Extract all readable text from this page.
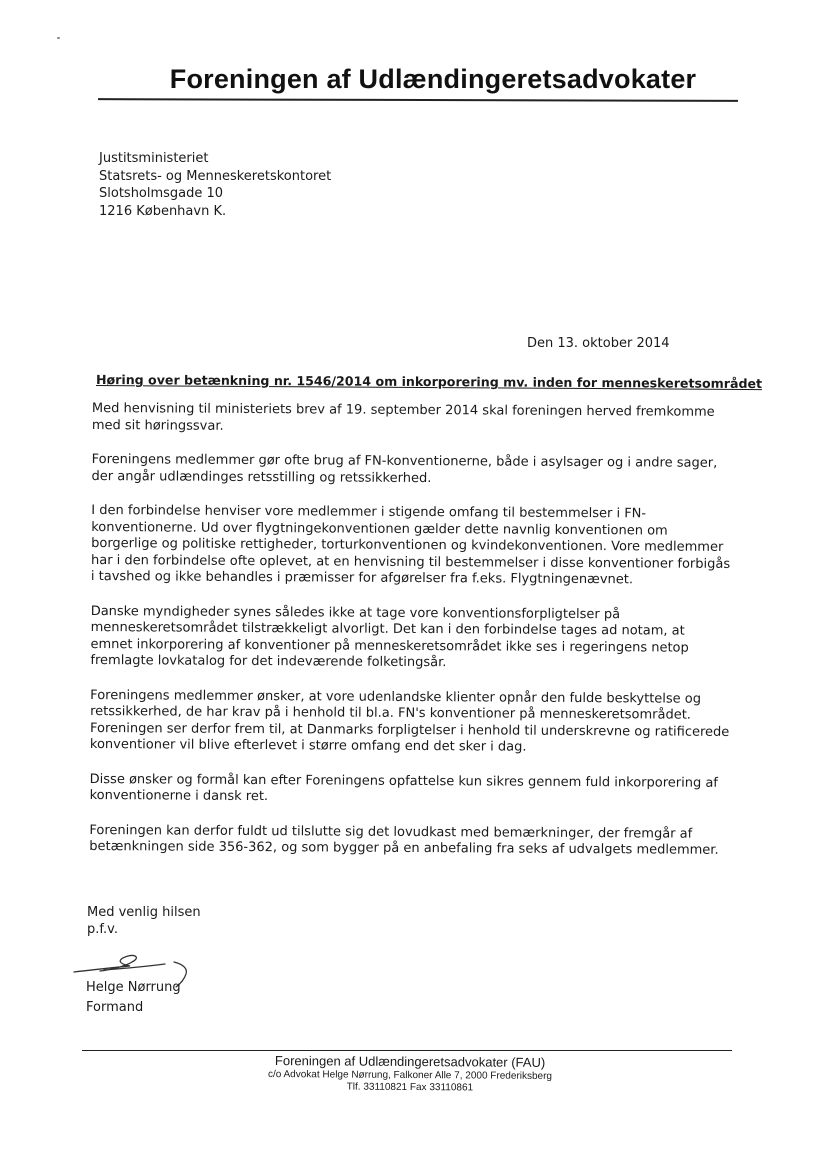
Foreningen af Udlændingeretsadvokater
Justitsministeriet
Statsrets- og Menneskeretskontoret
Slotsholmsgade 10
1216 København K.
Den 13. oktober 2014
Høring over betænkning nr. 1546/2014 om inkorporering mv. inden for menneskeretsområdet

Med henvisning til ministeriets brev af 19. september 2014 skal foreningen herved fremkomme med sit høringssvar.

Foreningens medlemmer gør ofte brug af FN-konventionerne, både i asylsager og i andre sager, der angår udlændinges retsstilling og retssikkerhed.

I den forbindelse henviser vore medlemmer i stigende omfang til bestemmelser i FN-konventionerne. Ud over flygtningekonventionen gælder dette navnlig konventionen om borgerlige og politiske rettigheder, torturkonventionen og kvindekonventionen. Vore medlemmer har i den forbindelse ofte oplevet, at en henvisning til bestemmelser i disse konventioner forbigås i tavshed og ikke behandles i præmisser for afgørelser fra f.eks. Flygtningenævnet.

Danske myndigheder synes således ikke at tage vore konventionsforpligtelser på menneskeretsområdet tilstrækkeligt alvorligt. Det kan i den forbindelse tages ad notam, at emnet inkorporering af konventioner på menneskeretsområdet ikke ses i regeringens netop fremlagte lovkatalog for det indeværende folketingsår.

Foreningens medlemmer ønsker, at vore udenlandske klienter opnår den fulde beskyttelse og retssikkerhed, de har krav på i henhold til bl.a. FN's konventioner på menneskeretsområdet. Foreningen ser derfor frem til, at Danmarks forpligtelser i henhold til underskrevne og ratificerede konventioner vil blive efterlevet i større omfang end det sker i dag.

Disse ønsker og formål kan efter Foreningens opfattelse kun sikres gennem fuld inkorporering af konventionerne i dansk ret.

Foreningen kan derfor fuldt ud tilslutte sig det lovudkast med bemærkninger, der fremgår af betænkningen side 356-362, og som bygger på en anbefaling fra seks af udvalgets medlemmer.

Med venlig hilsen
p.f.v.
Helge Nørrung
Formand
Foreningen af Udlændingeretsadvokater (FAU)
c/o Advokat Helge Nørrung, Falkoner Alle 7, 2000 Frederiksberg
Tlf. 33110821 Fax 33110861
